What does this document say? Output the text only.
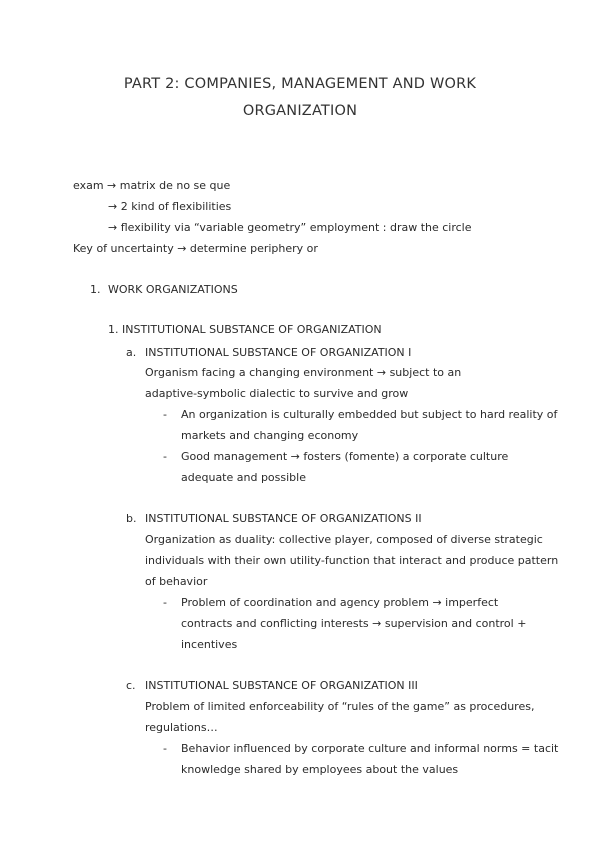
PART 2: COMPANIES, MANAGEMENT AND WORK
ORGANIZATION
exam → matrix de no se que
→ 2 kind of flexibilities
→ flexibility via “variable geometry” employment : draw the circle
Key of uncertainty → determine periphery or
1. WORK ORGANIZATIONS
1. INSTITUTIONAL SUBSTANCE OF ORGANIZATION
a. INSTITUTIONAL SUBSTANCE OF ORGANIZATION I
Organism facing a changing environment → subject to an
adaptive-symbolic dialectic to survive and grow
- An organization is culturally embedded but subject to hard reality of
markets and changing economy
- Good management → fosters (fomente) a corporate culture
adequate and possible
b. INSTITUTIONAL SUBSTANCE OF ORGANIZATIONS II
Organization as duality: collective player, composed of diverse strategic
individuals with their own utility-function that interact and produce pattern
of behavior
- Problem of coordination and agency problem → imperfect
contracts and conflicting interests → supervision and control +
incentives
c. INSTITUTIONAL SUBSTANCE OF ORGANIZATION III
Problem of limited enforceability of “rules of the game” as procedures,
regulations…
- Behavior influenced by corporate culture and informal norms = tacit
knowledge shared by employees about the values
